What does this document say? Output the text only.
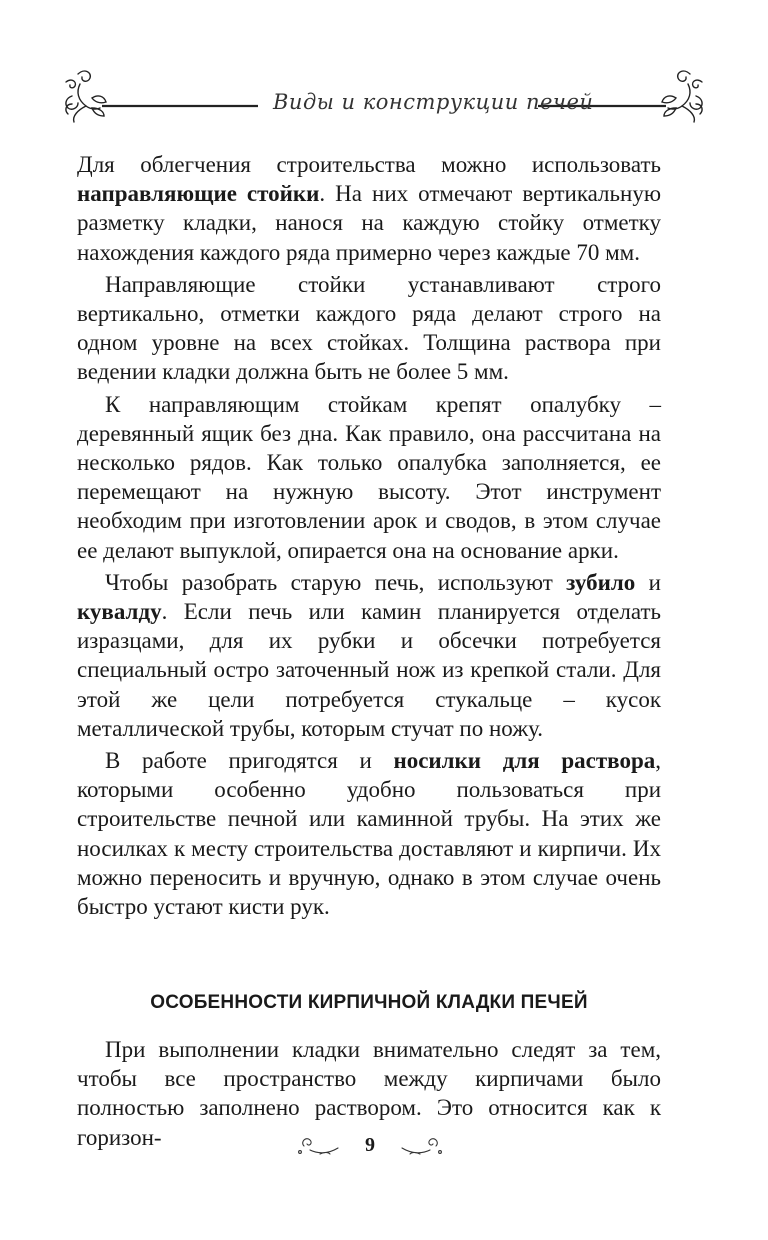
Виды и конструкции печей

Для облегчения строительства можно использовать направляющие стойки. На них отмечают вертикальную разметку кладки, нанося на каждую стойку отметку нахождения каждого ряда примерно через каждые 70 мм.

Направляющие стойки устанавливают строго вертикально, отметки каждого ряда делают строго на одном уровне на всех стойках. Толщина раствора при ведении кладки должна быть не более 5 мм.

К направляющим стойкам крепят опалубку – деревянный ящик без дна. Как правило, она рассчитана на несколько рядов. Как только опалубка заполняется, ее перемещают на нужную высоту. Этот инструмент необходим при изготовлении арок и сводов, в этом случае ее делают выпуклой, опирается она на основание арки.

Чтобы разобрать старую печь, используют зубило и кувалду. Если печь или камин планируется отделать изразцами, для их рубки и обсечки потребуется специальный остро заточенный нож из крепкой стали. Для этой же цели потребуется стукальце – кусок металлической трубы, которым стучат по ножу.

В работе пригодятся и носилки для раствора, которыми особенно удобно пользоваться при строительстве печной или каминной трубы. На этих же носилках к месту строительства доставляют и кирпичи. Их можно переносить и вручную, однако в этом случае очень быстро устают кисти рук.

ОСОБЕННОСТИ КИРПИЧНОЙ КЛАДКИ ПЕЧЕЙ

При выполнении кладки внимательно следят за тем, чтобы все пространство между кирпичами было полностью заполнено раствором. Это относится как к горизон-	9
